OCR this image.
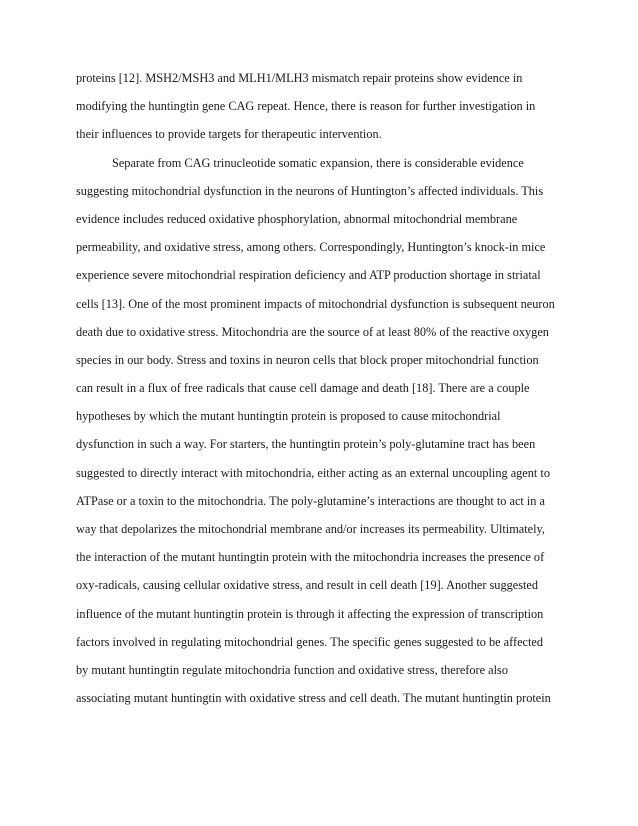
proteins [12]. MSH2/MSH3 and MLH1/MLH3 mismatch repair proteins show evidence in
modifying the huntingtin gene CAG repeat. Hence, there is reason for further investigation in
their influences to provide targets for therapeutic intervention.
Separate from CAG trinucleotide somatic expansion, there is considerable evidence
suggesting mitochondrial dysfunction in the neurons of Huntington’s affected individuals. This
evidence includes reduced oxidative phosphorylation, abnormal mitochondrial membrane
permeability, and oxidative stress, among others. Correspondingly, Huntington’s knock-in mice
experience severe mitochondrial respiration deficiency and ATP production shortage in striatal
cells [13]. One of the most prominent impacts of mitochondrial dysfunction is subsequent neuron
death due to oxidative stress. Mitochondria are the source of at least 80% of the reactive oxygen
species in our body. Stress and toxins in neuron cells that block proper mitochondrial function
can result in a flux of free radicals that cause cell damage and death [18]. There are a couple
hypotheses by which the mutant huntingtin protein is proposed to cause mitochondrial
dysfunction in such a way. For starters, the huntingtin protein’s poly-glutamine tract has been
suggested to directly interact with mitochondria, either acting as an external uncoupling agent to
ATPase or a toxin to the mitochondria. The poly-glutamine’s interactions are thought to act in a
way that depolarizes the mitochondrial membrane and/or increases its permeability. Ultimately,
the interaction of the mutant huntingtin protein with the mitochondria increases the presence of
oxy-radicals, causing cellular oxidative stress, and result in cell death [19]. Another suggested
influence of the mutant huntingtin protein is through it affecting the expression of transcription
factors involved in regulating mitochondrial genes. The specific genes suggested to be affected
by mutant huntingtin regulate mitochondria function and oxidative stress, therefore also
associating mutant huntingtin with oxidative stress and cell death. The mutant huntingtin protein
